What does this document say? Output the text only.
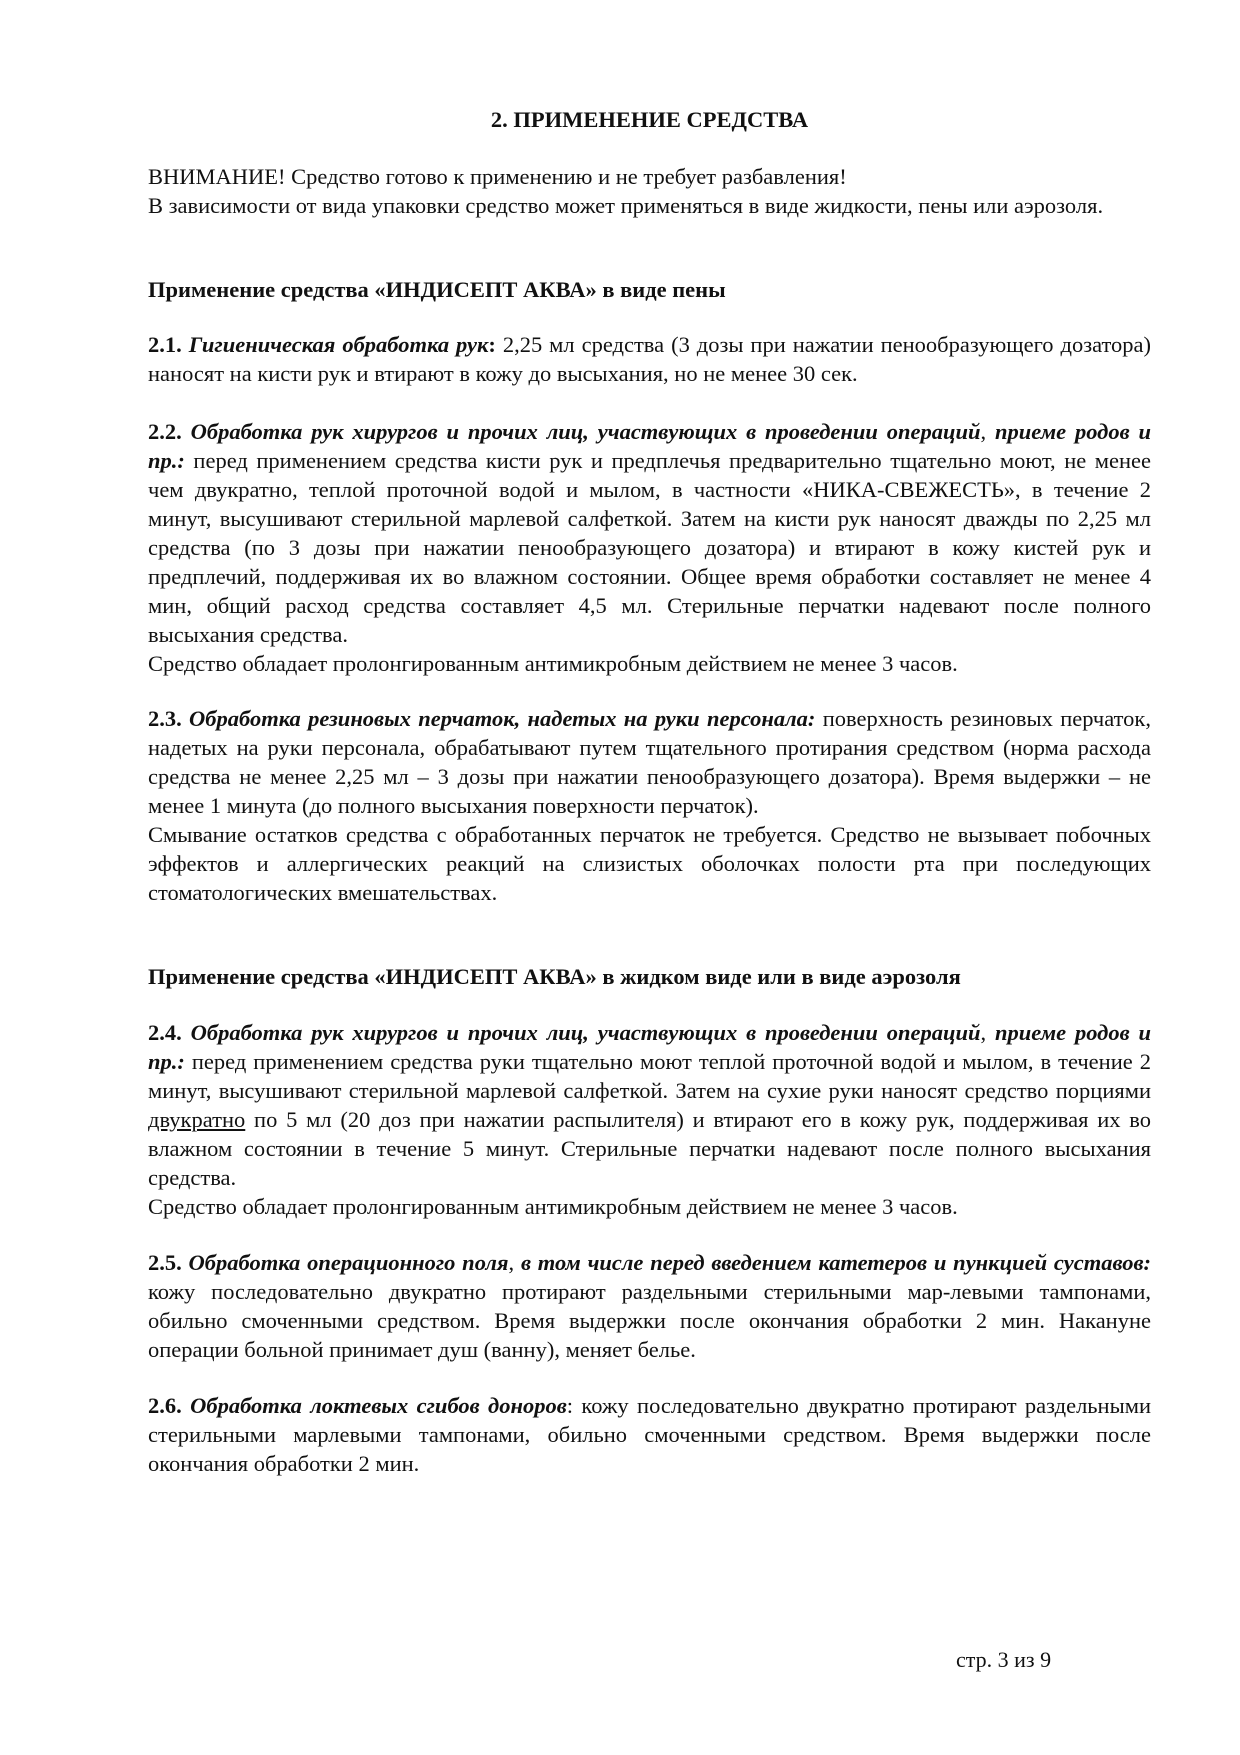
2. ПРИМЕНЕНИЕ СРЕДСТВА

ВНИМАНИЕ! Средство готово к применению и не требует разбавления!

В зависимости от вида упаковки средство может применяться в виде жидкости, пены или аэрозоля.

Применение средства «ИНДИСЕПТ АКВА» в виде пены

2.1. Гигиеническая обработка рук: 2,25 мл средства (3 дозы при нажатии пенообразующего дозатора) наносят на кисти рук и втирают в кожу до высыхания, но не менее 30 сек.

2.2. Обработка рук хирургов и прочих лиц, участвующих в проведении операций, приеме родов и пр.: перед применением средства кисти рук и предплечья предварительно тщательно моют, не менее чем двукратно, теплой проточной водой и мылом, в частности «НИКА-СВЕЖЕСТЬ», в течение 2 минут, высушивают стерильной марлевой салфеткой. Затем на кисти рук наносят дважды по 2,25 мл средства (по 3 дозы при нажатии пенообразующего дозатора) и втирают в кожу кистей рук и предплечий, поддерживая их во влажном состоянии. Общее время обработки составляет не менее 4 мин, общий расход средства составляет 4,5 мл. Стерильные перчатки надевают после полного высыхания средства.

Средство обладает пролонгированным антимикробным действием не менее 3 часов.

2.3. Обработка резиновых перчаток, надетых на руки персонала: поверхность резиновых перчаток, надетых на руки персонала, обрабатывают путем тщательного протирания средством (норма расхода средства не менее 2,25 мл – 3 дозы при нажатии пенообразующего дозатора). Время выдержки – не менее 1 минута (до полного высыхания поверхности перчаток).

Смывание остатков средства с обработанных перчаток не требуется. Средство не вызывает побочных эффектов и аллергических реакций на слизистых оболочках полости рта при последующих стоматологических вмешательствах.

Применение средства «ИНДИСЕПТ АКВА» в жидком виде или в виде аэрозоля

2.4. Обработка рук хирургов и прочих лиц, участвующих в проведении операций, приеме родов и пр.: перед применением средства руки тщательно моют теплой проточной водой и мылом, в течение 2 минут, высушивают стерильной марлевой салфеткой. Затем на сухие руки наносят средство порциями двукратно по 5 мл (20 доз при нажатии распылителя) и втирают его в кожу рук, поддерживая их во влажном состоянии в течение 5 минут. Стерильные перчатки надевают после полного высыхания средства.

Средство обладает пролонгированным антимикробным действием не менее 3 часов.

2.5. Обработка операционного поля, в том числе перед введением катетеров и пункцией суставов: кожу последовательно двукратно протирают раздельными стерильными мар-левыми тампонами, обильно смоченными средством. Время выдержки после окончания обработки 2 мин. Накануне операции больной принимает душ (ванну), меняет белье.

2.6. Обработка локтевых сгибов доноров: кожу последовательно двукратно протирают раздельными стерильными марлевыми тампонами, обильно смоченными средством. Время выдержки после окончания обработки 2 мин.

стр. 3 из 9
